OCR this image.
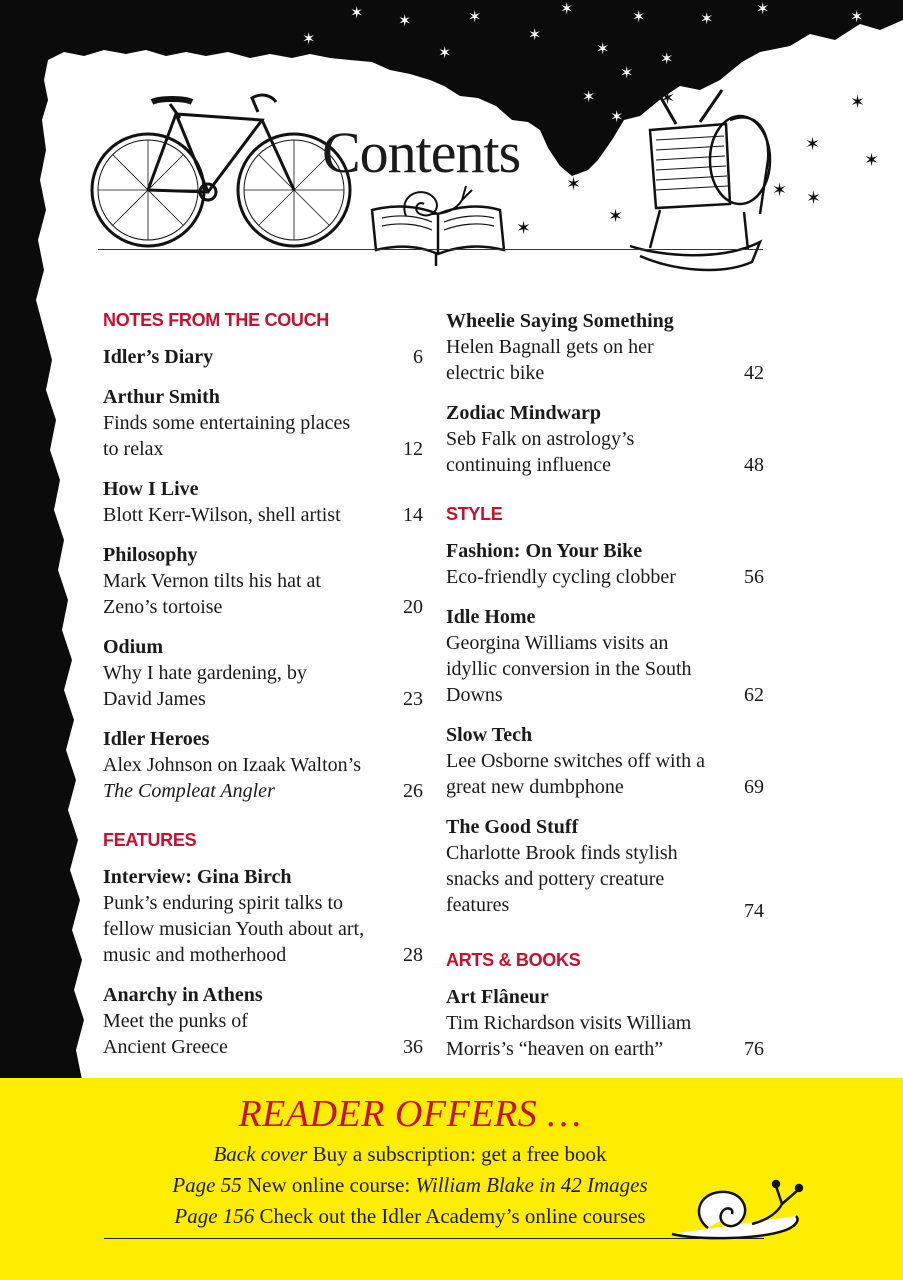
✶
✶
✶
✶
✶
✶
✶
✶
✶
✶
✶
✶	✶
✶
✶
✶
✶
✶
✶
✶ ✶
✶
✶
✶
✶
Contents
NOTES FROM THE COUCH
Idler’s Diary	6
Arthur Smith
Finds some entertaining places to relax	12
How I Live
Blott Kerr-Wilson, shell artist	14
Philosophy
Mark Vernon tilts his hat at Zeno’s tortoise	20
Odium
Why I hate gardening, by David James	23
Idler Heroes
Alex Johnson on Izaak Walton’s
The Compleat Angler	26
FEATURES
Interview: Gina Birch
Punk’s enduring spirit talks to fellow musician Youth about art, music and motherhood	28
Anarchy in Athens
Meet the punks of Ancient Greece	36
Wheelie Saying Something
Helen Bagnall gets on her electric bike	42
Zodiac Mindwarp
Seb Falk on astrology’s continuing influence	48
STYLE
Fashion: On Your Bike
Eco-friendly cycling clobber	56
Idle Home
Georgina Williams visits an idyllic conversion in the South Downs	62
Slow Tech
Lee Osborne switches off with a great new dumbphone	69
The Good Stuff
Charlotte Brook finds stylish snacks and pottery creature features	74
ARTS & BOOKS
Art Flâneur
Tim Richardson visits William Morris’s “heaven on earth”	76
READER OFFERS …
Back cover Buy a subscription: get a free book
Page 55 New online course: William Blake in 42 Images
Page 156 Check out the Idler Academy’s online courses
